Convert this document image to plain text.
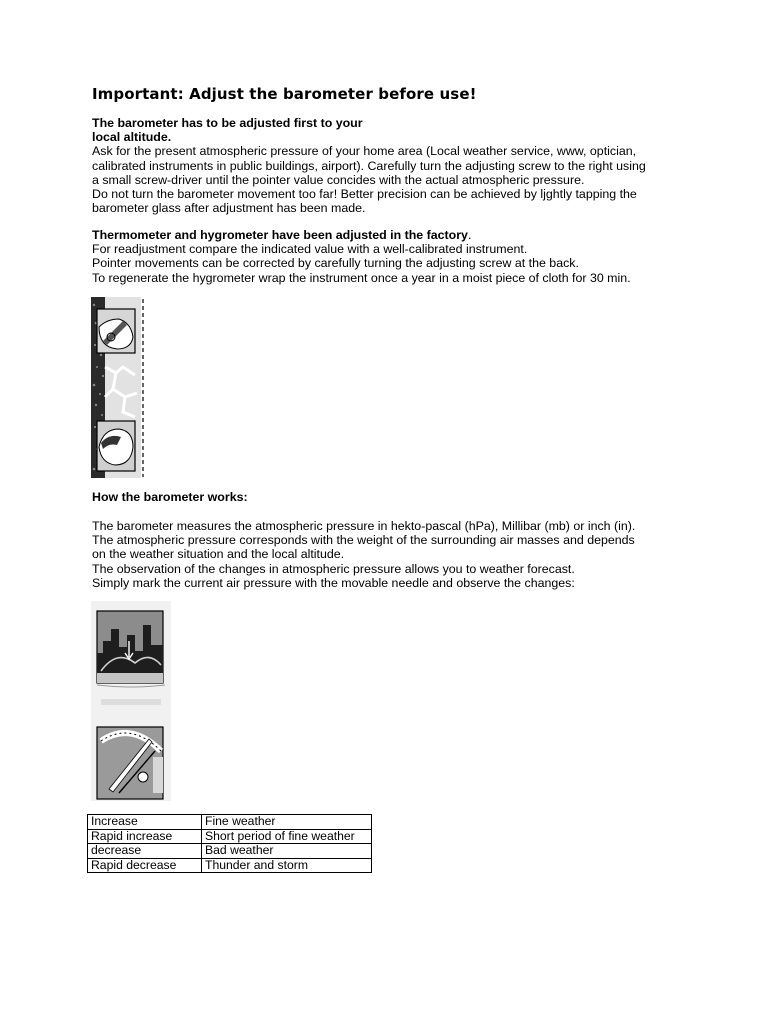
Important: Adjust the barometer before use!
The barometer has to be adjusted first to your
local altitude.
Ask for the present atmospheric pressure of your home area (Local weather service, www, optician,
calibrated instruments in public buildings, airport). Carefully turn the adjusting screw to the right using
a small screw-driver until the pointer value concides with the actual atmospheric pressure.
Do not turn the barometer movement too far! Better precision can be achieved by ljghtly tapping the
barometer glass after adjustment has been made.
Thermometer and hygrometer have been adjusted in the factory.
For readjustment compare the indicated value with a well-calibrated instrument.
Pointer movements can be corrected by carefully turning the adjusting screw at the back.
To regenerate the hygrometer wrap the instrument once a year in a moist piece of cloth for 30 min.
How the barometer works:
The barometer measures the atmospheric pressure in hekto-pascal (hPa), Millibar (mb) or inch (in).
The atmospheric pressure corresponds with the weight of the surrounding air masses and depends
on the weather situation and the local altitude.
The observation of the changes in atmospheric pressure allows you to weather forecast.
Simply mark the current air pressure with the movable needle and observe the changes:
Increase	Fine weather
Rapid increase	Short period of fine weather
decrease	Bad weather
Rapid decrease	Thunder and storm
